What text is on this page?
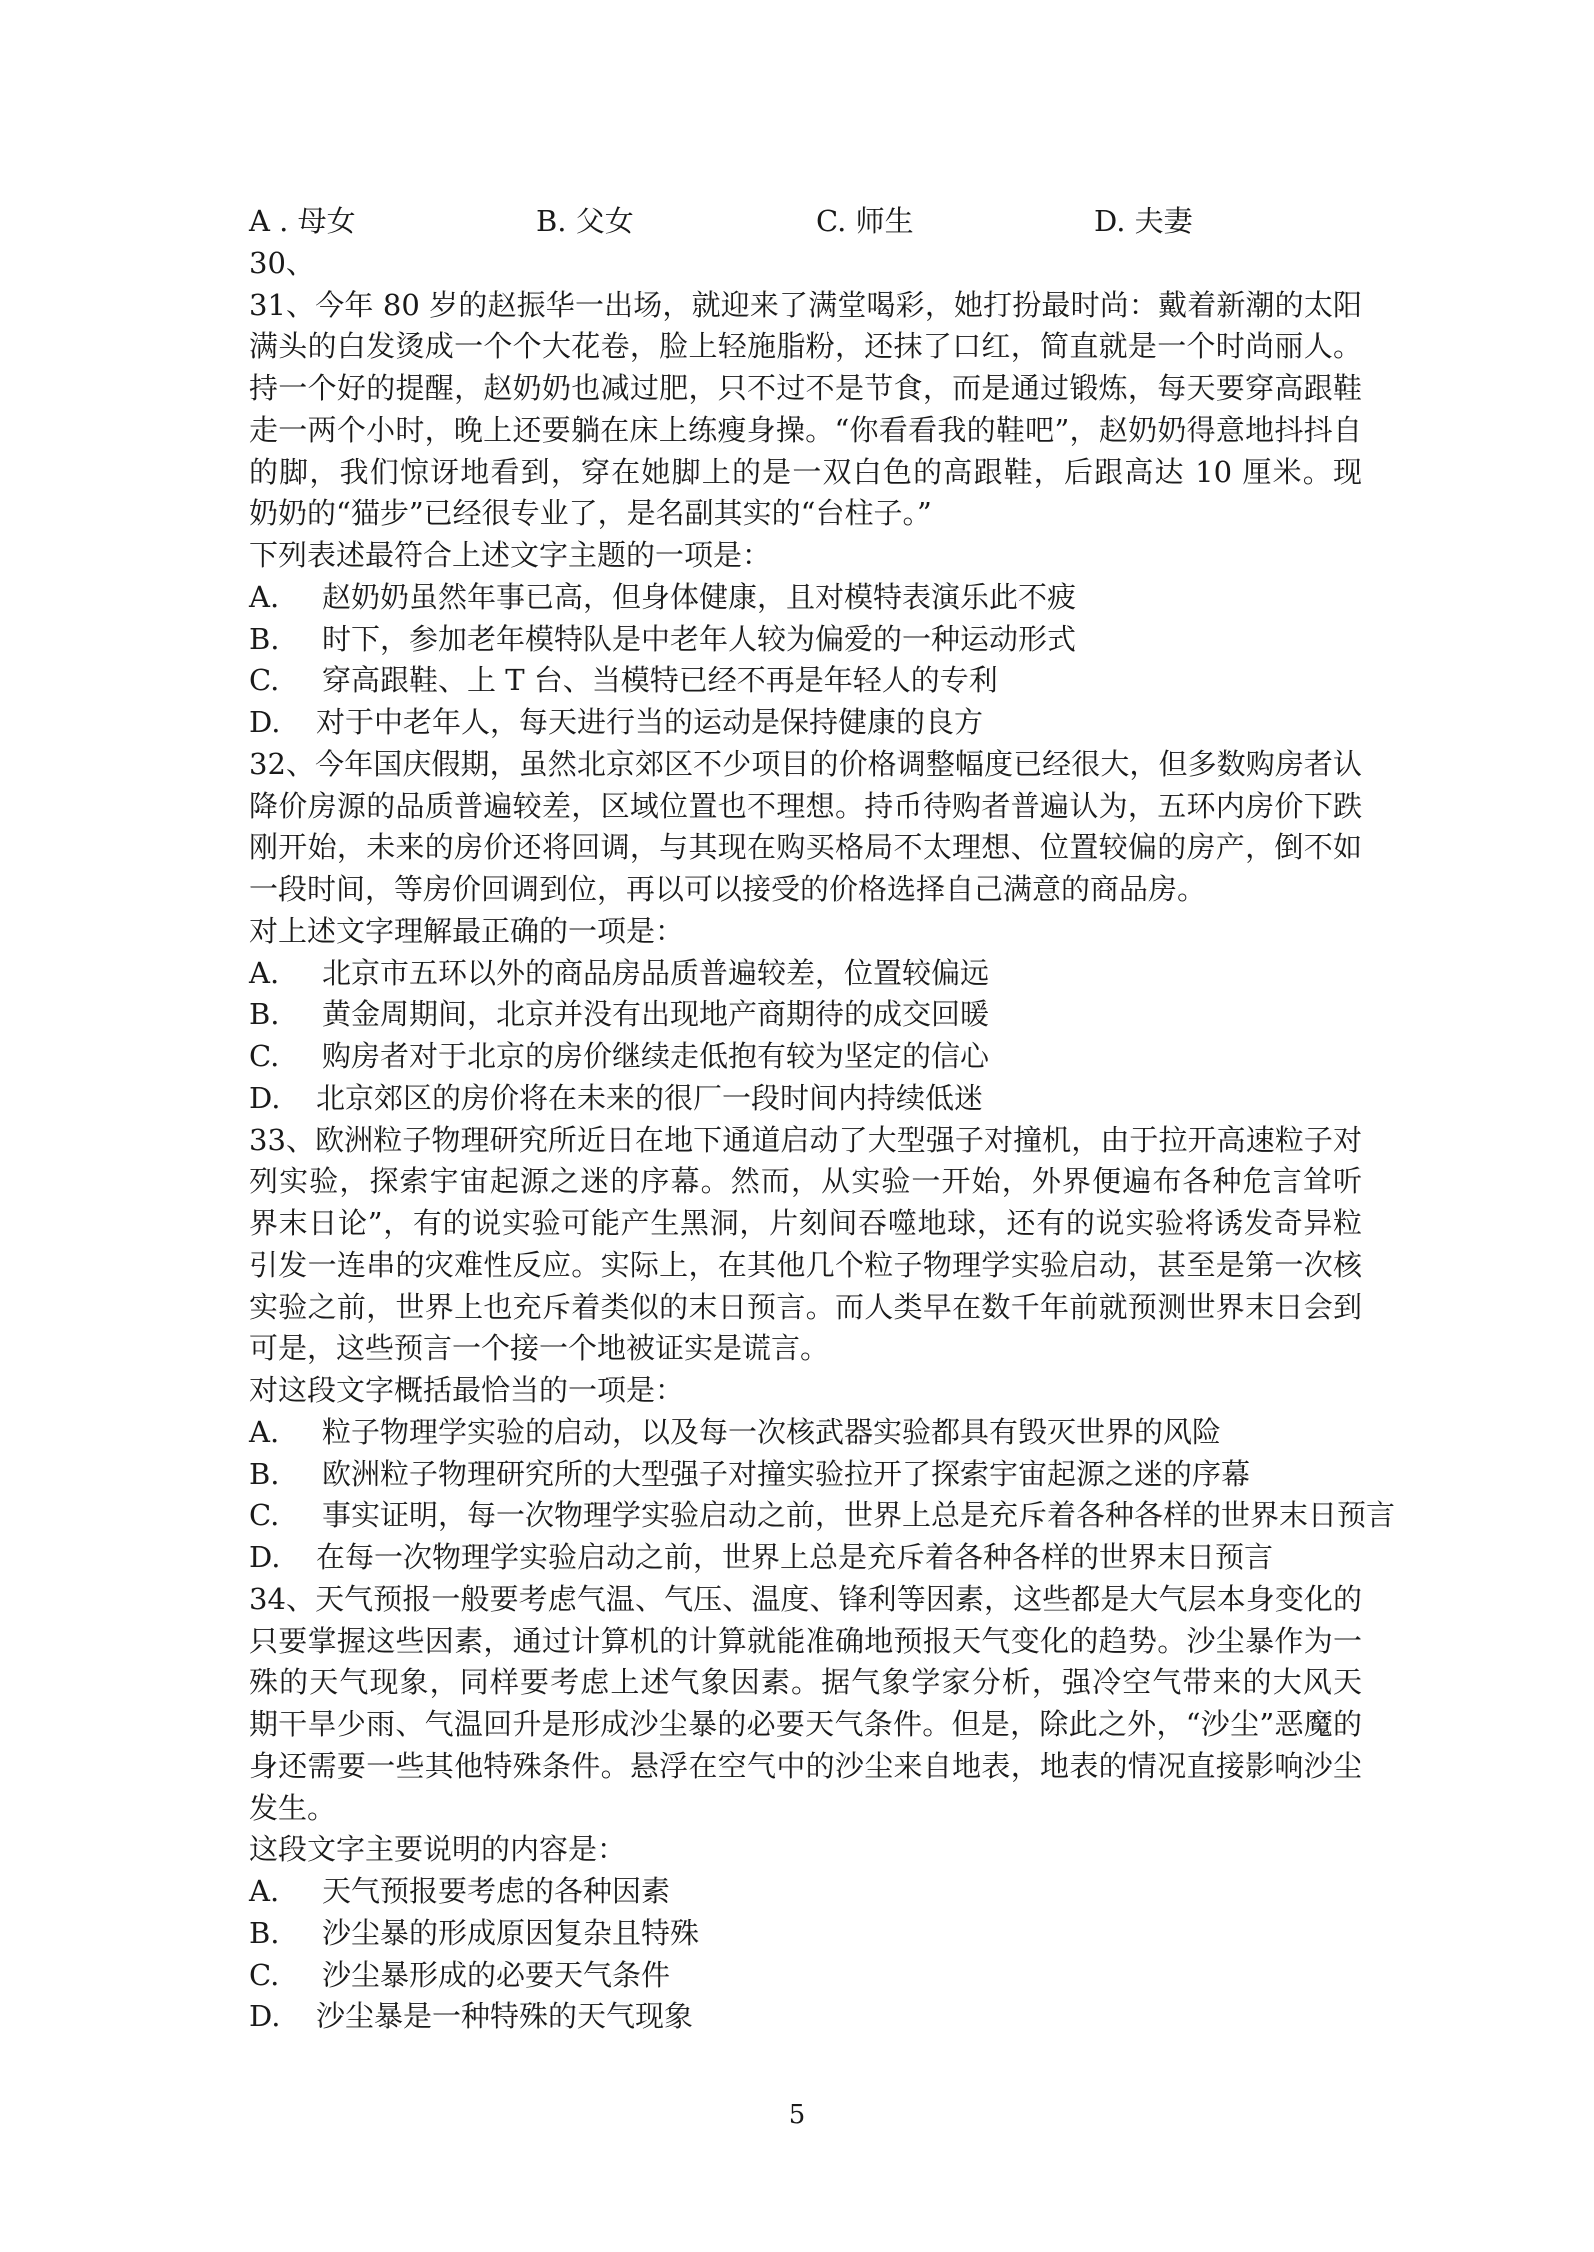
A . 母女	B. 父女	C. 师生	D. 夫妻
30、
31、今年 80 岁的赵振华一出场，就迎来了满堂喝彩，她打扮最时尚：戴着新潮的太阳
满头的白发烫成一个个大花卷，脸上轻施脂粉，还抹了口红，简直就是一个时尚丽人。
持一个好的提醒，赵奶奶也减过肥，只不过不是节食，而是通过锻炼，每天要穿高跟鞋
走一两个小时，晚上还要躺在床上练瘦身操。“你看看我的鞋吧”，赵奶奶得意地抖抖自
的脚，我们惊讶地看到，穿在她脚上的是一双白色的高跟鞋，后跟高达 10 厘米。现
奶奶的“猫步”已经很专业了，是名副其实的“台柱子。”
下列表述最符合上述文字主题的一项是：
A.	赵奶奶虽然年事已高，但身体健康，且对模特表演乐此不疲
B.	时下，参加老年模特队是中老年人较为偏爱的一种运动形式
C.	穿高跟鞋、上 T 台、当模特已经不再是年轻人的专利
D.	对于中老年人，每天进行当的运动是保持健康的良方
32、今年国庆假期，虽然北京郊区不少项目的价格调整幅度已经很大，但多数购房者认
降价房源的品质普遍较差，区域位置也不理想。持币待购者普遍认为，五环内房价下跌
刚开始，未来的房价还将回调，与其现在购买格局不太理想、位置较偏的房产，倒不如
一段时间，等房价回调到位，再以可以接受的价格选择自己满意的商品房。
对上述文字理解最正确的一项是：
A.	北京市五环以外的商品房品质普遍较差，位置较偏远
B.	黄金周期间，北京并没有出现地产商期待的成交回暖
C.	购房者对于北京的房价继续走低抱有较为坚定的信心
D.	北京郊区的房价将在未来的很厂一段时间内持续低迷
33、欧洲粒子物理研究所近日在地下通道启动了大型强子对撞机，由于拉开高速粒子对
列实验，探索宇宙起源之迷的序幕。然而，从实验一开始，外界便遍布各种危言耸听
界末日论”，有的说实验可能产生黑洞，片刻间吞噬地球，还有的说实验将诱发奇异粒
引发一连串的灾难性反应。实际上，在其他几个粒子物理学实验启动，甚至是第一次核
实验之前，世界上也充斥着类似的末日预言。而人类早在数千年前就预测世界末日会到
可是，这些预言一个接一个地被证实是谎言。
对这段文字概括最恰当的一项是：
A.	粒子物理学实验的启动，以及每一次核武器实验都具有毁灭世界的风险
B.	欧洲粒子物理研究所的大型强子对撞实验拉开了探索宇宙起源之迷的序幕
C.	事实证明，每一次物理学实验启动之前，世界上总是充斥着各种各样的世界末日预言
D.	在每一次物理学实验启动之前，世界上总是充斥着各种各样的世界末日预言
34、天气预报一般要考虑气温、气压、温度、锋利等因素，这些都是大气层本身变化的
只要掌握这些因素，通过计算机的计算就能准确地预报天气变化的趋势。沙尘暴作为一
殊的天气现象，同样要考虑上述气象因素。据气象学家分析，强冷空气带来的大风天
期干旱少雨、气温回升是形成沙尘暴的必要天气条件。但是，除此之外，“沙尘”恶魔的
身还需要一些其他特殊条件。悬浮在空气中的沙尘来自地表，地表的情况直接影响沙尘
发生。
这段文字主要说明的内容是：
A.	天气预报要考虑的各种因素
B.	沙尘暴的形成原因复杂且特殊
C.	沙尘暴形成的必要天气条件
D.	沙尘暴是一种特殊的天气现象
5
